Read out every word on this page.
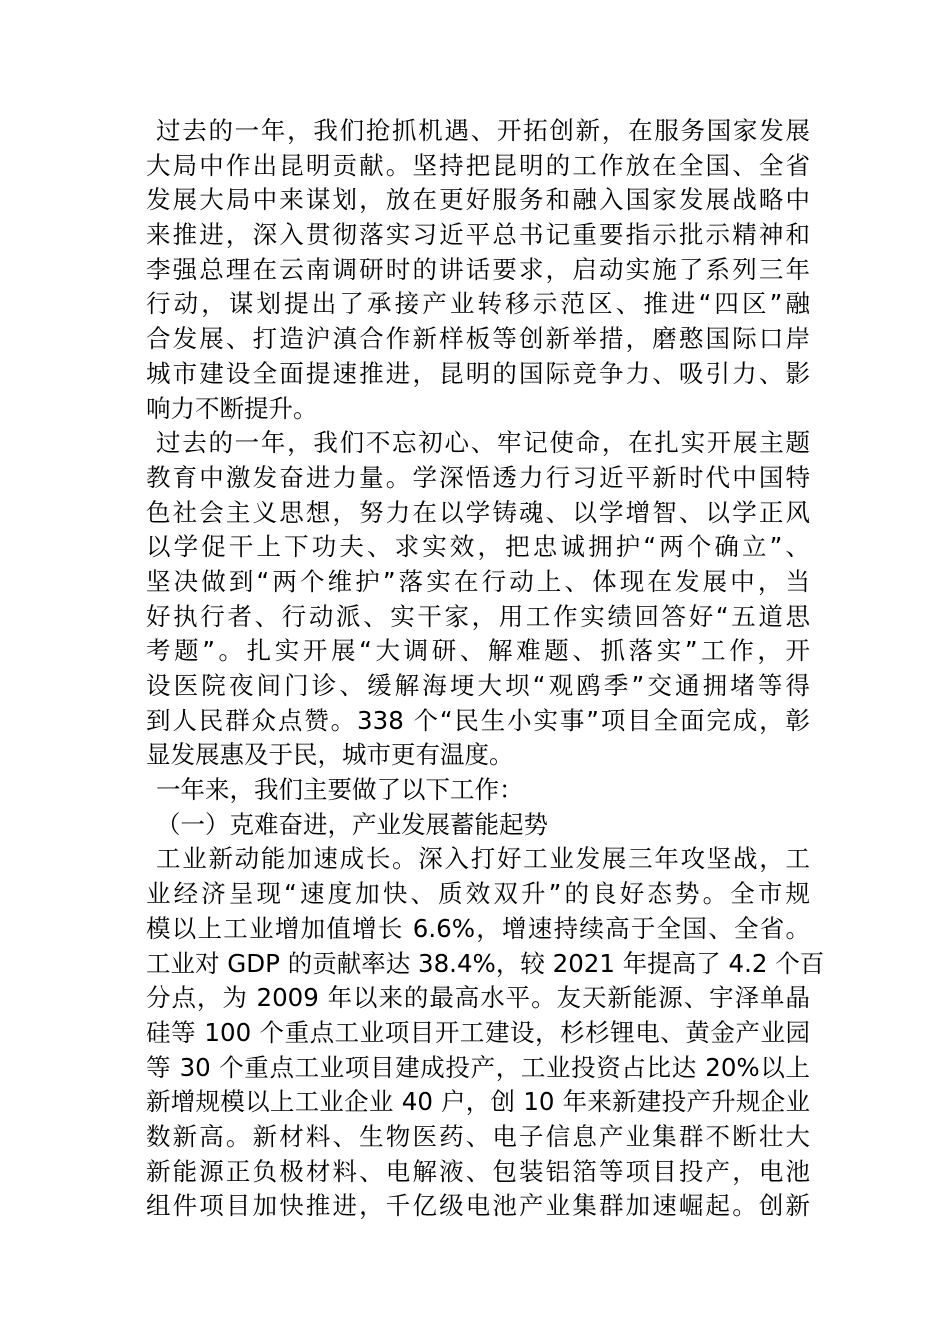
过去的一年，我们抢抓机遇、开拓创新，在服务国家发展
大局中作出昆明贡献。坚持把昆明的工作放在全国、全省
发展大局中来谋划，放在更好服务和融入国家发展战略中
来推进，深入贯彻落实习近平总书记重要指示批示精神和
李强总理在云南调研时的讲话要求，启动实施了系列三年
行动，谋划提出了承接产业转移示范区、推进“四区”融
合发展、打造沪滇合作新样板等创新举措，磨憨国际口岸
城市建设全面提速推进，昆明的国际竞争力、吸引力、影
响力不断提升。
过去的一年，我们不忘初心、牢记使命，在扎实开展主题
教育中激发奋进力量。学深悟透力行习近平新时代中国特
色社会主义思想，努力在以学铸魂、以学增智、以学正风
以学促干上下功夫、求实效，把忠诚拥护“两个确立”、
坚决做到“两个维护”落实在行动上、体现在发展中，当
好执行者、行动派、实干家，用工作实绩回答好“五道思
考题”。扎实开展“大调研、解难题、抓落实”工作，开
设医院夜间门诊、缓解海埂大坝“观鸥季”交通拥堵等得
到人民群众点赞。338 个“民生小实事”项目全面完成，彰
显发展惠及于民，城市更有温度。
一年来，我们主要做了以下工作：
（一）克难奋进，产业发展蓄能起势
工业新动能加速成长。深入打好工业发展三年攻坚战，工
业经济呈现“速度加快、质效双升”的良好态势。全市规
模以上工业增加值增长 6.6%，增速持续高于全国、全省。
工业对 GDP 的贡献率达 38.4%，较 2021 年提高了 4.2 个百
分点，为 2009 年以来的最高水平。友天新能源、宇泽单晶
硅等 100 个重点工业项目开工建设，杉杉锂电、黄金产业园
等 30 个重点工业项目建成投产，工业投资占比达 20%以上
新增规模以上工业企业 40 户，创 10 年来新建投产升规企业
数新高。新材料、生物医药、电子信息产业集群不断壮大
新能源正负极材料、电解液、包装铝箔等项目投产，电池
组件项目加快推进，千亿级电池产业集群加速崛起。创新
